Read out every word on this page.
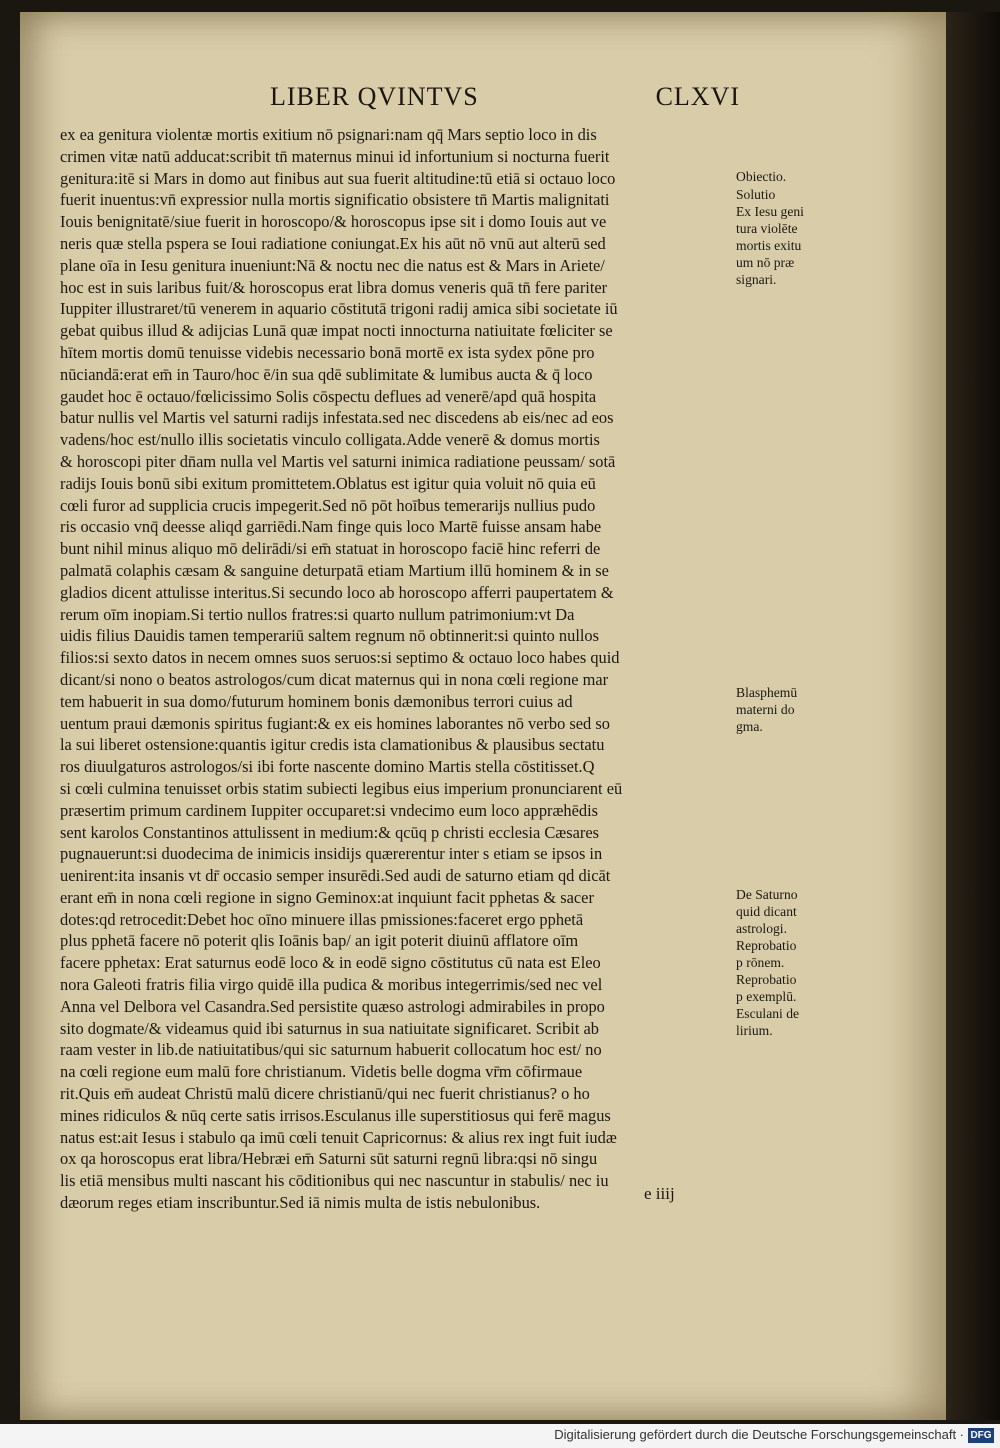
LIBER QVINTVS	CLXVI
ex ea genitura violentæ mortis exitium nō psignari:nam qq̄ Mars septio loco in dis
crimen vitæ natū adducat:scribit tn̄ maternus minui id infortunium si nocturna fuerit
genitura:itē si Mars in domo aut finibus aut sua fuerit altitudine:tū etiā si octauo loco
fuerit inuentus:vn̄ expressior nulla mortis significatio obsistere tn̄ Martis malignitati
Iouis benignitatē/siue fuerit in horoscopo/& horoscopus ipse sit i domo Iouis aut ve
neris quæ stella pspera se Ioui radiatione coniungat.Ex his aūt nō vnū aut alterū sed
plane oīa in Iesu genitura inueniunt:Nā & noctu nec die natus est & Mars in Ariete/
hoc est in suis laribus fuit/& horoscopus erat libra domus veneris quā tn̄ fere pariter
Iuppiter illustraret/tū venerem in aquario cōstitutā trigoni radij amica sibi societate iū
gebat quibus illud & adijcias Lunā quæ impat nocti innocturna natiuitate fœliciter se
hītem mortis domū tenuisse videbis necessario bonā mortē ex ista sydex pōne pro
nūciandā:erat em̄ in Tauro/hoc ē/in sua qdē sublimitate & lumibus aucta & q̄ loco
gaudet hoc ē octauo/fœlicissimo Solis cōspectu deflues ad venerē/apd quā hospita
batur nullis vel Martis vel saturni radijs infestata.sed nec discedens ab eis/nec ad eos
vadens/hoc est/nullo illis societatis vinculo colligata.Adde venerē & domus mortis
& horoscopi piter dn̄am nulla vel Martis vel saturni inimica radiatione peussam/ sotā
radijs Iouis bonū sibi exitum promittetem.Oblatus est igitur quia voluit nō quia eū
cœli furor ad supplicia crucis impegerit.Sed nō pōt hoībus temerarijs nullius pudo
ris occasio vnq̄ deesse aliqd garriēdi.Nam finge quis loco Martē fuisse ansam habe
bunt nihil minus aliquo mō delirādi/si em̄ statuat in horoscopo faciē hinc referri de
palmatā colaphis cæsam & sanguine deturpatā etiam Martium illū hominem & in se
gladios dicent attulisse interitus.Si secundo loco ab horoscopo afferri paupertatem &
rerum oīm inopiam.Si tertio nullos fratres:si quarto nullum patrimonium:vt Da
uidis filius Dauidis tamen temperariū saltem regnum nō obtinnerit:si quinto nullos
filios:si sexto datos in necem omnes suos seruos:si septimo & octauo loco habes quid
dicant/si nono o beatos astrologos/cum dicat maternus qui in nona cœli regione mar
tem habuerit in sua domo/futurum hominem bonis dæmonibus terrori cuius ad
uentum praui dæmonis spiritus fugiant:& ex eis homines laborantes nō verbo sed so
la sui liberet ostensione:quantis igitur credis ista clamationibus & plausibus sectatu
ros diuulgaturos astrologos/si ibi forte nascente domino Martis stella cōstitisset.Q
si cœli culmina tenuisset orbis statim subiecti legibus eius imperium pronunciarent eū
præsertim primum cardinem Iuppiter occuparet:si vndecimo eum loco appræhēdis
sent karolos Constantinos attulissent in medium:& qcūq p christi ecclesia Cæsares
pugnauerunt:si duodecima de inimicis insidijs quærerentur inter s etiam se ipsos in
uenirent:ita insanis vt dr̄ occasio semper insurēdi.Sed audi de saturno etiam qd dicāt
erant em̄ in nona cœli regione in signo Geminox:at inquiunt facit pphetas & sacer
dotes:qd retrocedit:Debet hoc oīno minuere illas pmissiones:faceret ergo pphetā
plus pphetā facere nō poterit qlis Ioānis bap/ an igit poterit diuinū afflatore oīm
facere pphetax: Erat saturnus eodē loco & in eodē signo cōstitutus cū nata est Eleo
nora Galeoti fratris filia virgo quidē illa pudica & moribus integerrimis/sed nec vel
Anna vel Delbora vel Casandra.Sed persistite quæso astrologi admirabiles in propo
sito dogmate/& videamus quid ibi saturnus in sua natiuitate significaret. Scribit ab
raam vester in lib.de natiuitatibus/qui sic saturnum habuerit collocatum hoc est/ no
na cœli regione eum malū fore christianum. Videtis belle dogma vr̄m cōfirmaue
rit.Quis em̄ audeat Christū malū dicere christianū/qui nec fuerit christianus? o ho
mines ridiculos & nūq certe satis irrisos.Esculanus ille superstitiosus qui ferē magus
natus est:ait Iesus i stabulo qa imū cœli tenuit Capricornus: & alius rex ingt fuit iudæ
ox qa horoscopus erat libra/Hebræi em̄ Saturni sūt saturni regnū libra:qsi nō singu
lis etiā mensibus multi nascant his cōditionibus qui nec nascuntur in stabulis/ nec iu
dæorum reges etiam inscribuntur.Sed iā nimis multa de istis nebulonibus.
Obiectio.
Solutio
Ex Iesu geni
tura violēte
mortis exitu
um nō præ
signari.
Blasphemū
materni do
gma.
De Saturno
quid dicant
astrologi.
Reprobatio
p rōnem.
Reprobatio
p exemplū.
Esculani de
lirium.
e iiij
Digitalisierung gefördert durch die Deutsche Forschungsgemeinschaft · DFG
